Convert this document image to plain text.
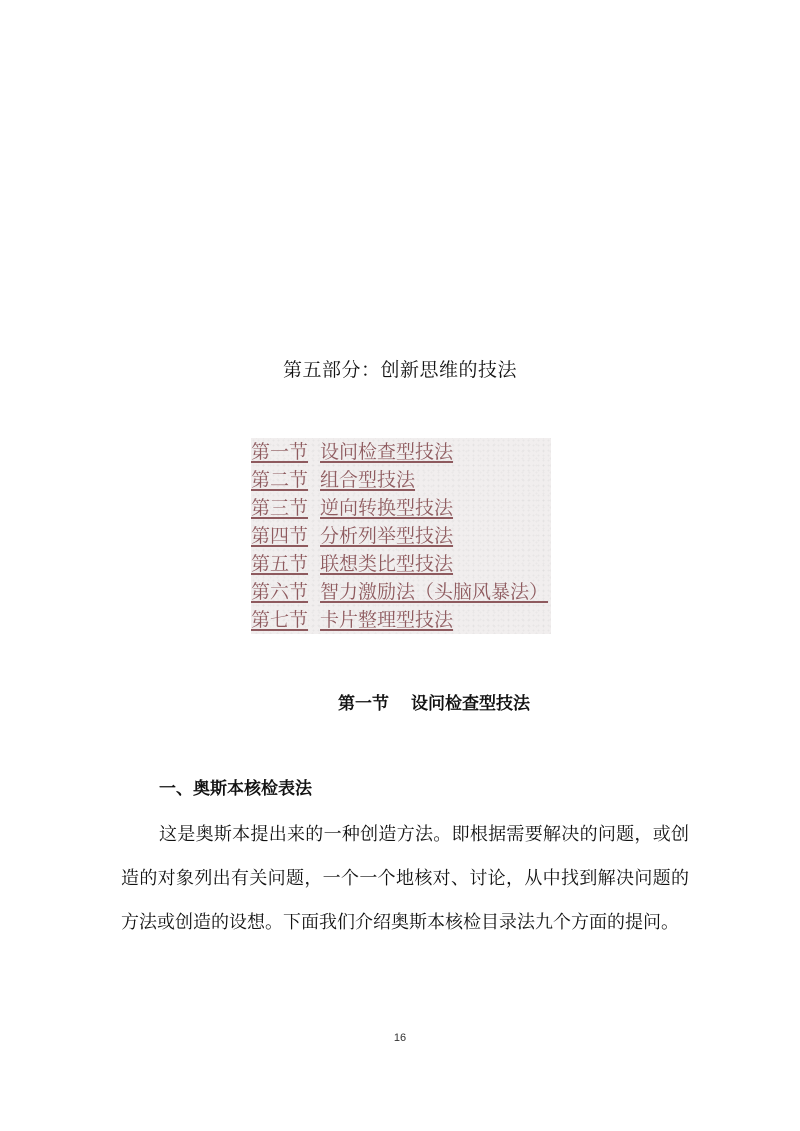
第五部分：创新思维的技法
第一节 设问检查型技法
第二节 组合型技法
第三节 逆向转换型技法
第四节 分析列举型技法
第五节 联想类比型技法
第六节 智力激励法（头脑风暴法）
第七节 卡片整理型技法
第一节 设问检查型技法
一、奥斯本核检表法

这是奥斯本提出来的一种创造方法。即根据需要解决的问题，或创造的对象列出有关问题，一个一个地核对、讨论，从中找到解决问题的方法或创造的设想。下面我们介绍奥斯本核检目录法九个方面的提问。

16
